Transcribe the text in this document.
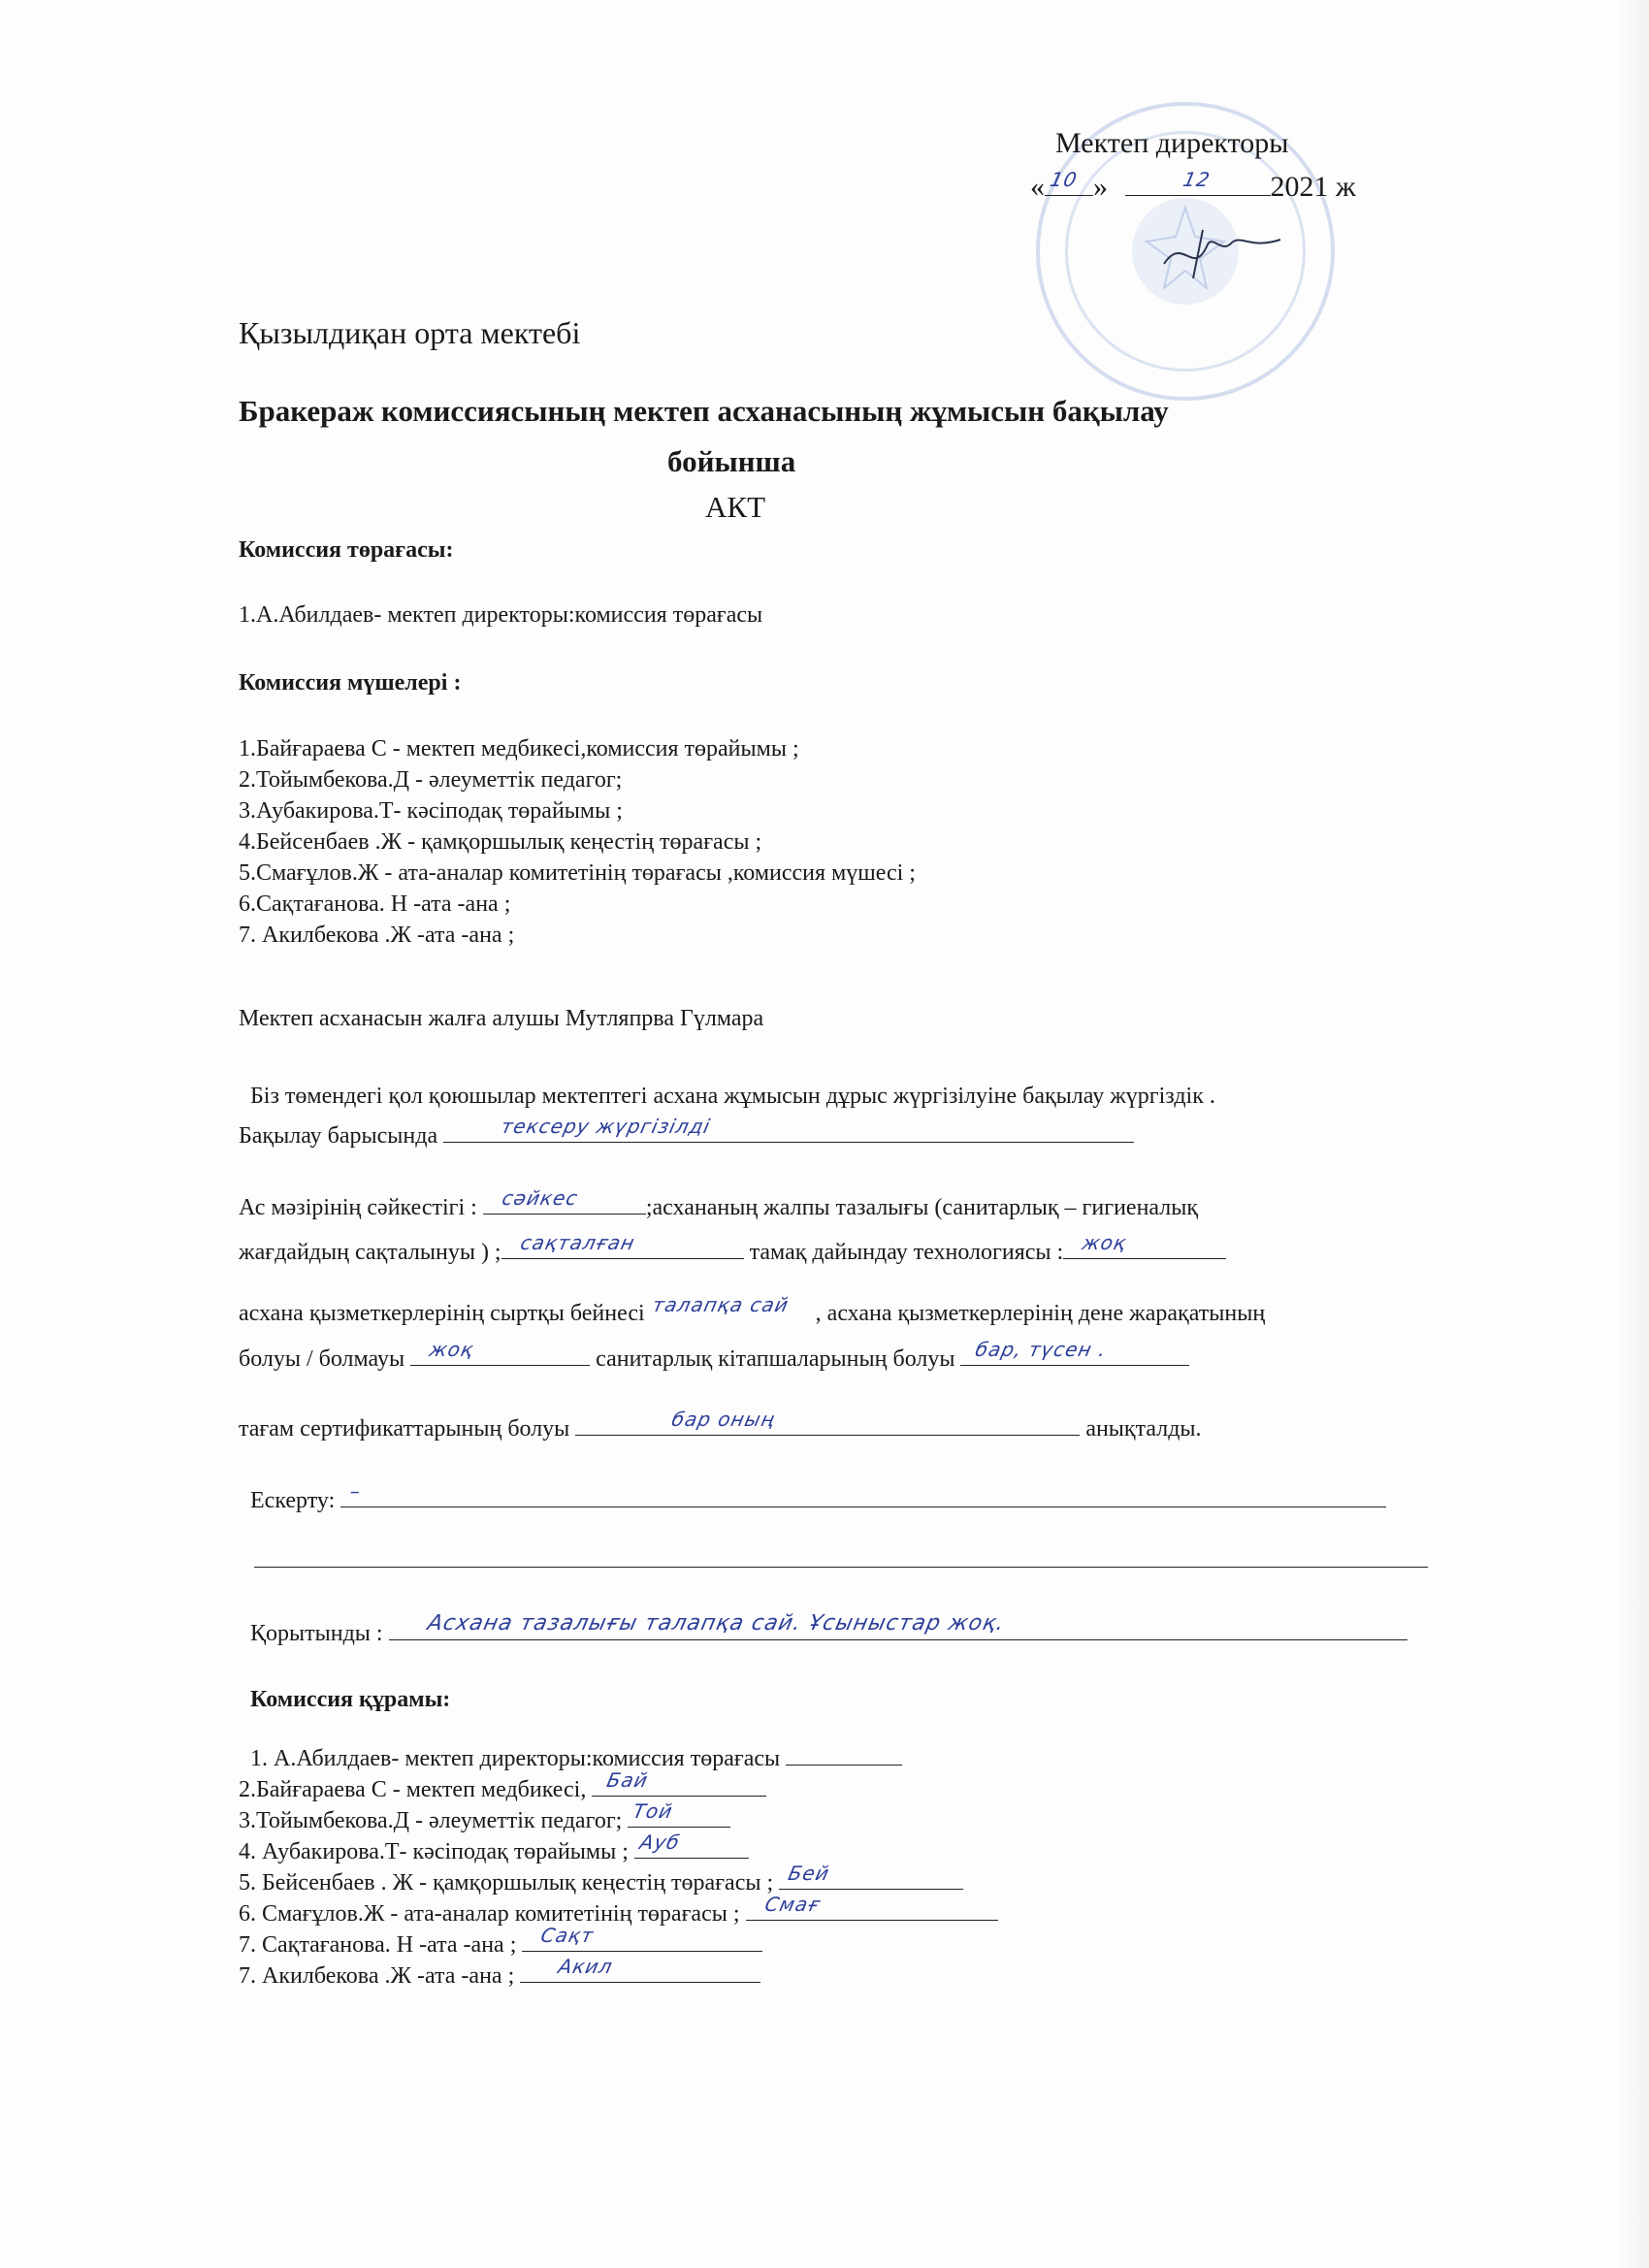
Мектеп директоры
« 10 »	12 2021 ж
Қызылдиқан орта мектебі
Бракераж комиссиясының мектеп асханасының жұмысын бақылау
бойынша
АКТ
Комиссия төрағасы:
1.А.Абилдаев- мектеп директоры:комиссия төрағасы
Комиссия мүшелері :
1.Байғараева С - мектеп медбикесі,комиссия төрайымы ;
2.Тойымбекова.Д - әлеуметтік педагог;
3.Аубакирова.Т- кәсіподақ төрайымы ;
4.Бейсенбаев .Ж - қамқоршылық кеңестің төрағасы ;
5.Смағұлов.Ж - ата-аналар комитетінің төрағасы ,комиссия мүшесі ;
6.Сақтағанова. Н -ата -ана ;
7. Акилбекова .Ж -ата -ана ;
Мектеп асханасын жалға алушы Мутляпрва Гүлмара
Біз төмендегі қол қоюшылар мектептегі асхана жұмысын дұрыс жүргізілуіне бақылау жүргіздік .
Бақылау барысында	тексеру жүргізілді
Ас мәзірінің сәйкестігі : сәйкес	;асхананың жалпы тазалығы (санитарлық – гигиеналық
жағдайдың сақталынуы ) ; сақталған	тамақ дайындау технологиясы : жоқ
асхана қызметкерлерінің сыртқы бейнесі талапқа сай , асхана қызметкерлерінің дене жарақатының
болуы / болмауы жоқ	санитарлық кітапшаларының болуы бар, түсен .
тағам сертификаттарының болуы	бар оның	анықталды.
Ескерту: –
Қорытынды : Асхана тазалығы талапқа сай. Ұсыныстар жоқ.
Комиссия құрамы:
1. А.Абилдаев- мектеп директоры:комиссия төрағасы
2.Байғараева С - мектеп медбикесі, Бай
3.Тойымбекова.Д - әлеуметтік педагог; Той
4. Аубакирова.Т- кәсіподақ төрайымы ; Ауб
5. Бейсенбаев . Ж - қамқоршылық кеңестің төрағасы ; Бей
6. Смағұлов.Ж - ата-аналар комитетінің төрағасы ; Смағ
7. Сақтағанова. Н -ата -ана ; Сақт
7. Акилбекова .Ж -ата -ана ; Акил
